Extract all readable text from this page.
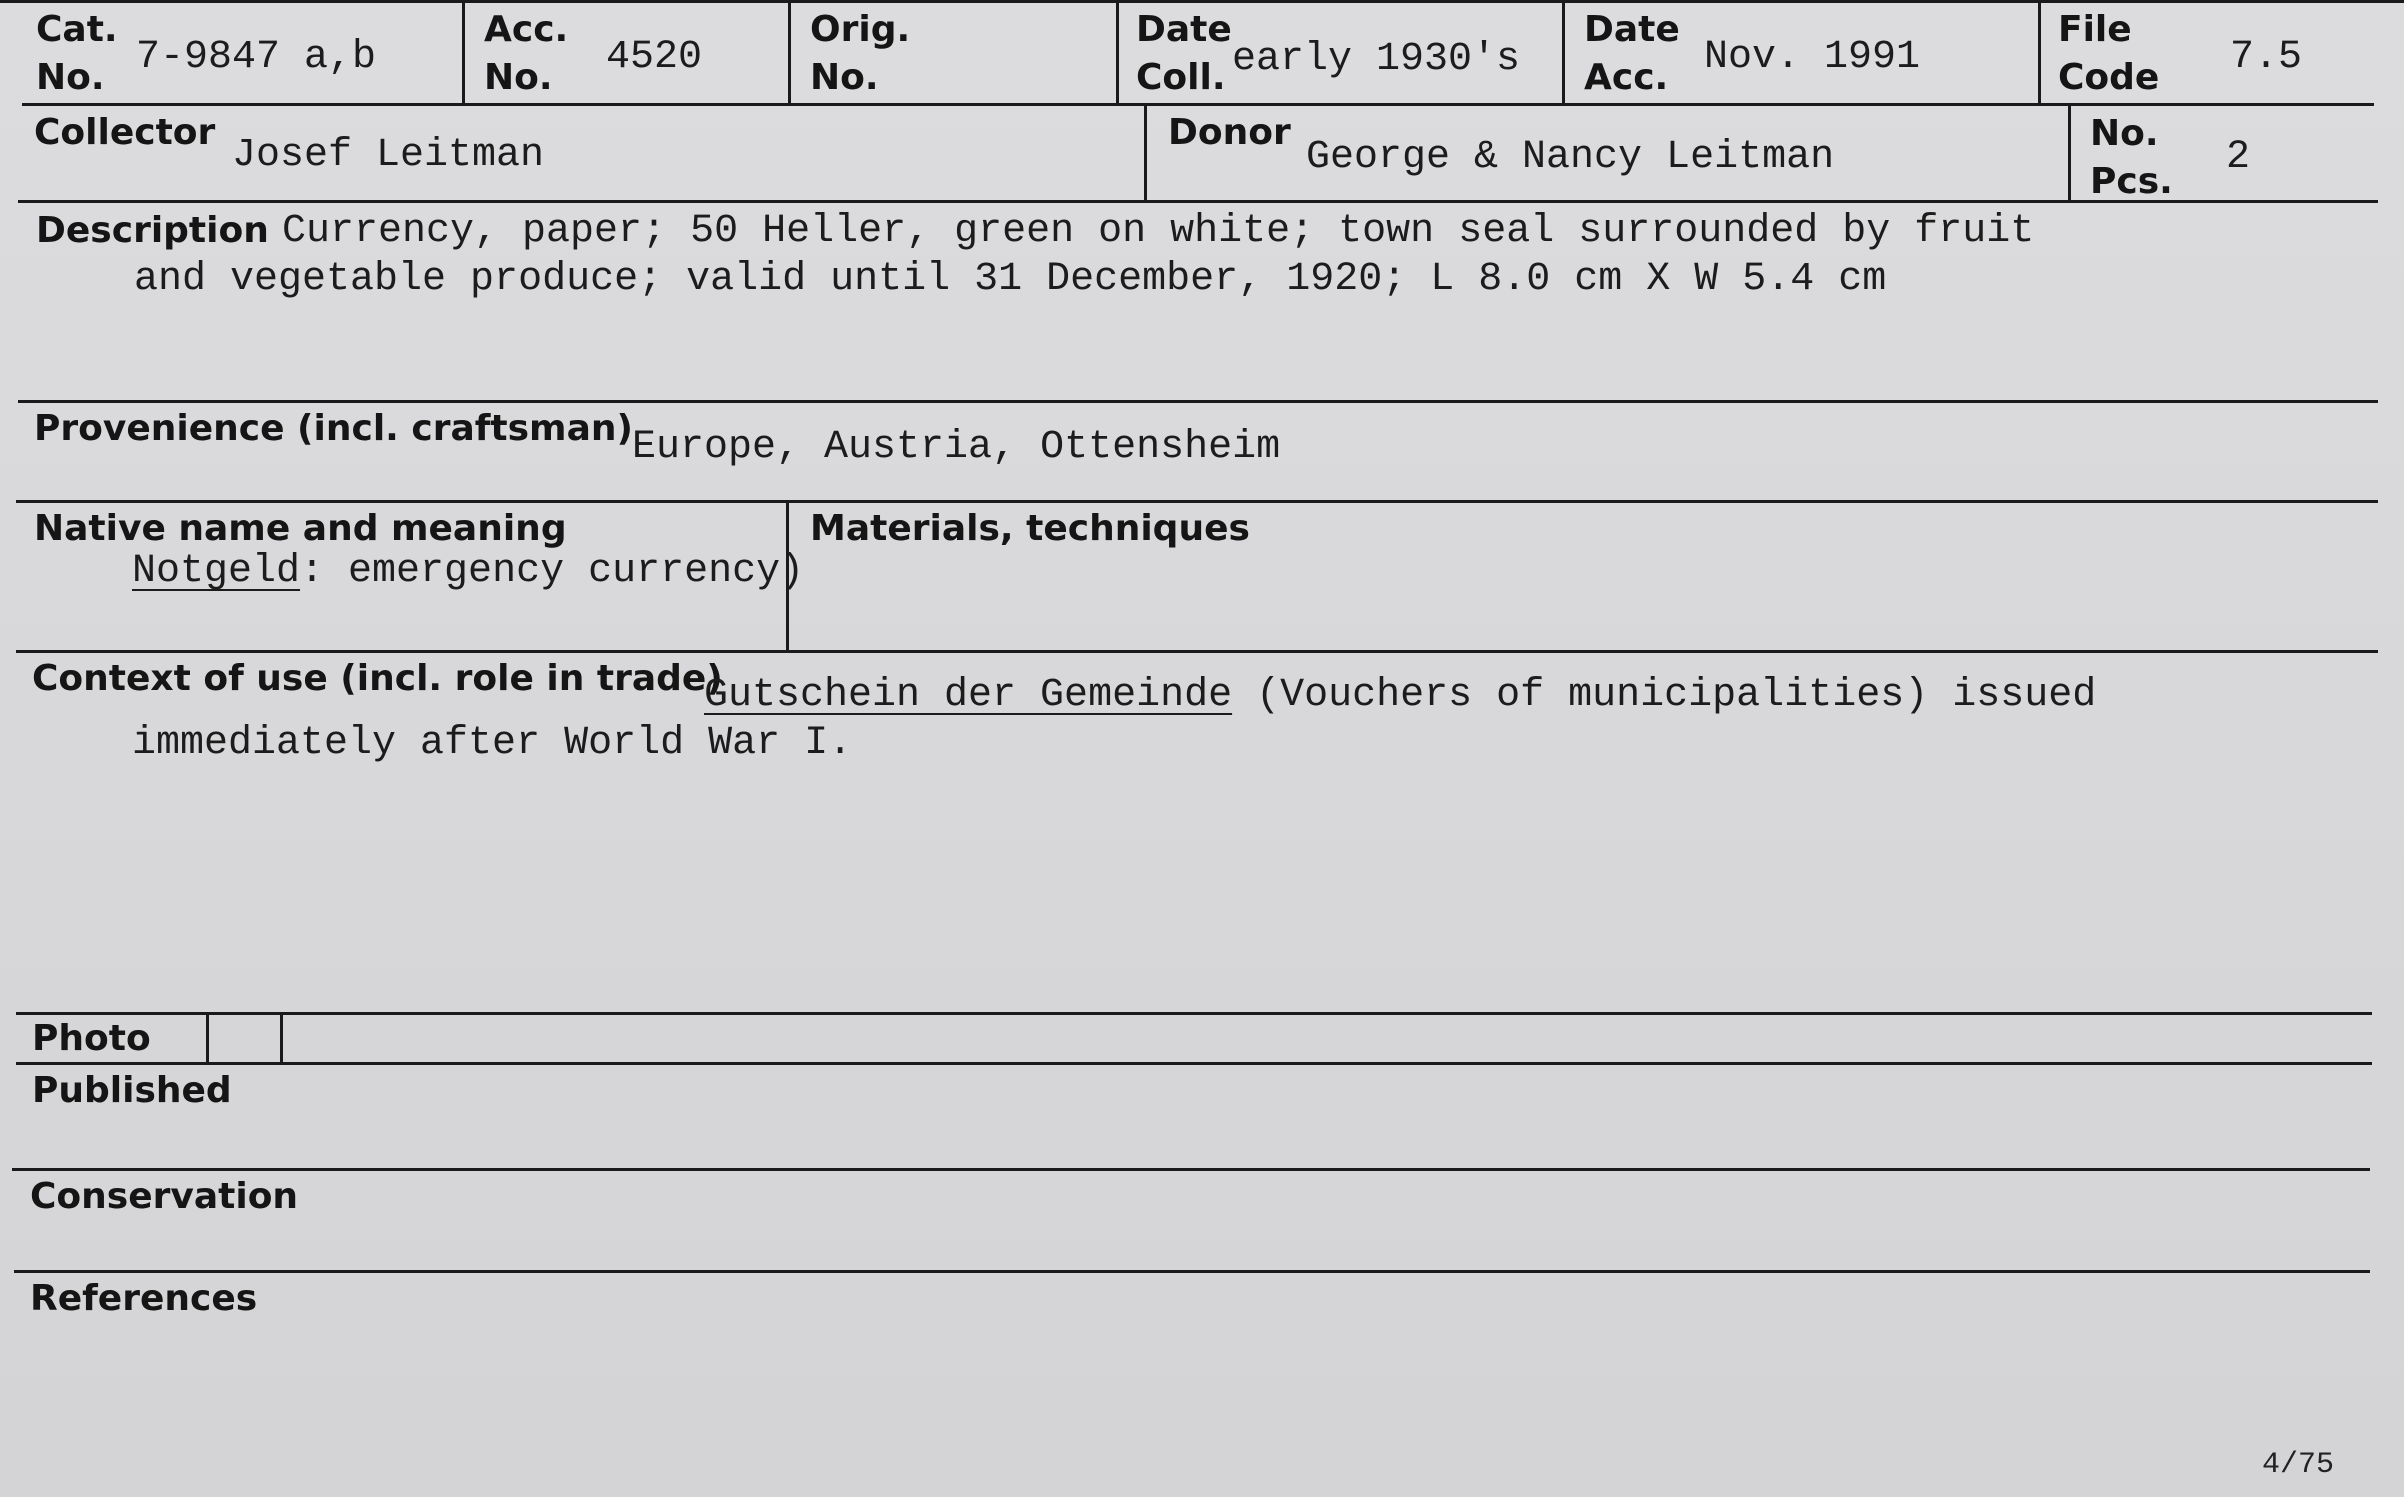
Cat.
No. 7-9847 a,b
Acc.
No.	4520
Orig.
No.
Date
Coll. early 1930's
Date
Acc. Nov. 1991
File
Code 7.5
Collector
Josef Leitman
Donor
George & Nancy Leitman
No.
Pcs.
2
Description Currency, paper; 50 Heller, green on white; town seal surrounded by fruit
and vegetable produce; valid until 31 December, 1920; L 8.0 cm X W 5.4 cm
Provenience (incl. craftsman) Europe, Austria, Ottensheim
Native name and meaning
Notgeld: emergency currency)
Materials, techniques
Context of use (incl. role in trade)
Gutschein der Gemeinde (Vouchers of municipalities) issued
immediately after World War I.
Photo
Published
Conservation
References
4/75
